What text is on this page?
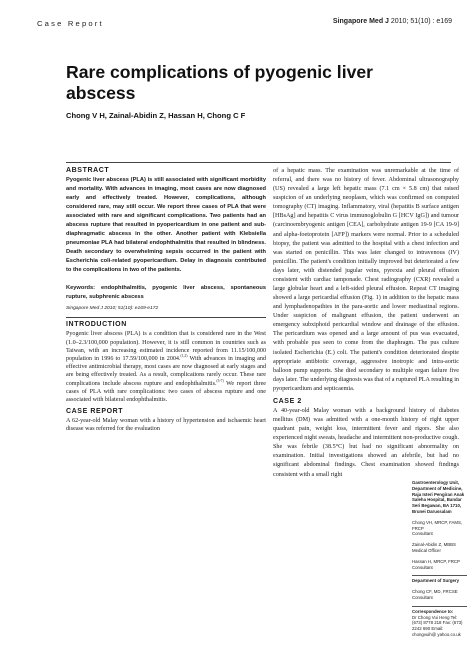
Case Report	Singapore Med J 2010; 51(10) : e169
Rare complications of pyogenic liver abscess
Chong V H, Zainal-Abidin Z, Hassan H, Chong C F
ABSTRACT

Pyogenic liver abscess (PLA) is still associated with significant morbidity and mortality. With advances in imaging, most cases are now diagnosed early and effectively treated. However, complications, although considered rare, may still occur. We report three cases of PLA that were associated with rare and significant complications. Two patients had an abscess rupture that resulted in pyopericardium in one patient and sub-diaphragmatic abscess in the other. Another patient with Klebsiella pneumoniae PLA had bilateral endophthalmitis that resulted in blindness. Death secondary to overwhelming sepsis occurred in the patient with Escherichia coli-related pyopericardium. Delay in diagnosis contributed to the complications in two of the patients.

Keywords: endophthalmitis, pyogenic liver abscess, spontaneous rupture, subphrenic abscess

Singapore Med J 2010; 51(10): e169-e172

INTRODUCTION

Pyogenic liver abscess (PLA) is a condition that is considered rare in the West (1.0–2.3/100,000 population). However, it is still common in countries such as Taiwan, with an increasing estimated incidence reported from 11.15/100,000 population in 1996 to 17.59/100,000 in 2004.$^{(1,2)}$ With advances in imaging and effective antimicrobial therapy, most cases are now diagnosed at early stages and are being effectively treated. As a result, complications rarely occur. These rare complications include abscess rupture and endophthalmitis.$^{(3-7)}$ We report three cases of PLA with rare complications: two cases of abscess rupture and one associated with bilateral endophthalmitis.

CASE REPORT

A 62-year-old Malay woman with a history of hypertension and ischaemic heart disease was referred for the evaluation

of a hepatic mass. The examination was unremarkable at the time of referral, and there was no history of fever. Abdominal ultrasonography (US) revealed a large left hepatic mass (7.1 cm × 5.8 cm) that raised suspicion of an underlying neoplasm, which was confirmed on computed tomography (CT) imaging. Inflammatory, viral (hepatitis B surface antigen [HBsAg] and hepatitis C virus immunoglobulin G [HCV IgG]) and tumour (carcinoembryogenic antigen [CEA], carbohydrate antigen 19-9 [CA 19-9] and alpha-foetoprotein [AFP]) markers were normal. Prior to a scheduled biopsy, the patient was admitted to the hospital with a chest infection and was started on penicillin. This was later changed to intravenous (IV) penicillin. The patient's condition initially improved but deteriorated a few days later, with distended jugular veins, pyrexia and pleural effusion consistent with cardiac tamponade. Chest radiography (CXR) revealed a large globular heart and a left-sided pleural effusion. Repeat CT imaging showed a large pericardial effusion (Fig. 1) in addition to the hepatic mass and lymphadenopathies in the para-aortic and lower mediastinal regions. Under suspicion of malignant effusion, the patient underwent an emergency subxiphoid pericardial window and drainage of the effusion. The pericardium was opened and a large amount of pus was evacuated, with probable pus seen to come from the diaphragm. The pus culture isolated Escherichia (E.) coli. The patient's condition deteriorated despite appropriate antibiotic coverage, aggressive inotropic and intra-aortic balloon pump supports. She died secondary to multiple organ failure five days later. The underlying diagnosis was that of a ruptured PLA resulting in pyopericardium and septicaemia.

CASE 2

A 40-year-old Malay woman with a background history of diabetes mellitus (DM) was admitted with a one-month history of right upper quadrant pain, weight loss, intermittent fever and rigors. She also experienced night sweats, headache and intermittent non-productive cough. She was febrile (38.5°C) but had no significant abnormality on examination. Initial investigations showed an afebrile, but had no significant abdominal findings. Chest examination showed findings consistent with a small right

Gastroenterology Unit, Department of Medicine, Raja Isteri Pengiran Anak Saleha Hospital, Bandar Seri Begawan, BA 1710, Brunei Darussalam

Chong VH, MRCP, FAMS, FRCP

Consultant

Zainal-Abidin Z, MBBS

Medical Officer

Hassan H, MRCP, FRCP

Consultant

Department of Surgery

Chong CF, MD, FRCSE

Consultant

Correspondence to:

Dr Chong Vui Heng Tel: (673) 8778 218 Fax: (673) 2242 690 Email: chongvuih@ yahoo.co.uk
